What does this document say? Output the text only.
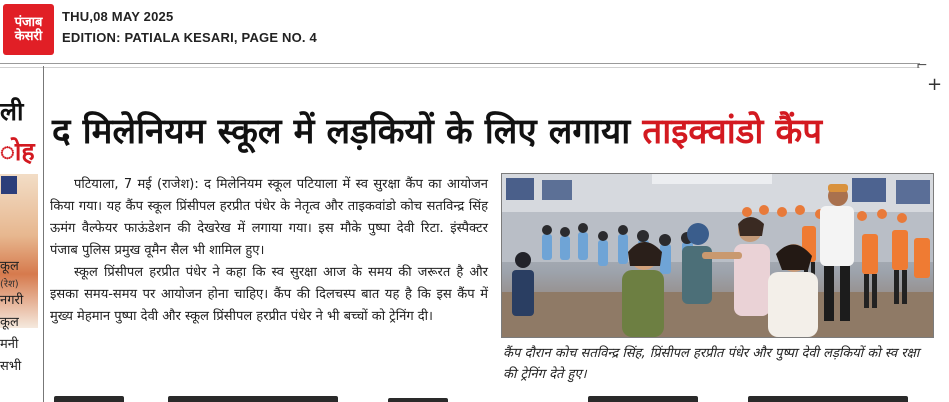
पंजाब
केसरी
THU,08 MAY 2025
EDITION: PATIALA KESARI, PAGE NO. 4
⌐
+
ली
ोह
कूल
(रेश)
नगरी
कूल
मनी
सभी
द मिलेनियम स्कूल में लड़कियों के लिए लगाया ताइक्वांडो कैंप

पटियाला, 7 मई (राजेश): द मिलेनियम स्कूल पटियाला में स्व सुरक्षा कैंप का आयोजन किया गया। यह कैंप स्कूल प्रिंसीपल हरप्रीत पंधेर के नेतृत्व और ताइकवांडो कोच सतविन्द्र सिंह ऊमंग वैल्फेयर फाऊंडेशन की देखरेख में लगाया गया। इस मौके पुष्पा देवी रिटा. इंस्पैक्टर पंजाब पुलिस प्रमुख वूमैन सैल भी शामिल हुए।

स्कूल प्रिंसीपल हरप्रीत पंधेर ने कहा कि स्व सुरक्षा आज के समय की जरूरत है और इसका समय-समय पर आयोजन होना चाहिए। कैंप की दिलचस्प बात यह है कि इस कैंप में मुख्य मेहमान पुष्पा देवी और स्कूल प्रिंसीपल हरप्रीत पंधेर ने भी बच्चों को ट्रेनिंग दी।

कैंप दौरान कोच सतविन्द्र सिंह, प्रिंसीपल हरप्रीत पंधेर और पुष्पा देवी लड़कियों को स्व रक्षा की ट्रेनिंग देते हुए।
